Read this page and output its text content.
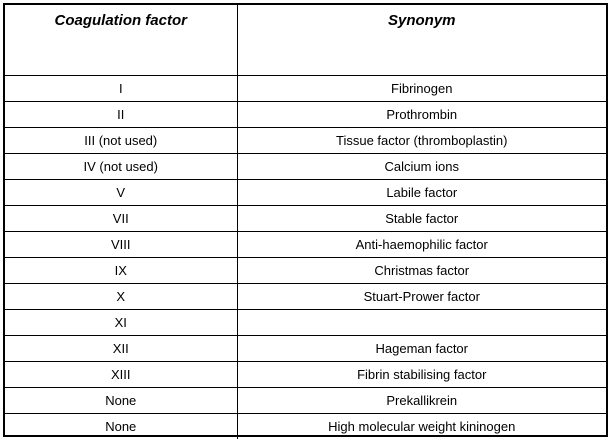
Coagulation factor	Synonym
I	Fibrinogen
II	Prothrombin
III (not used)	Tissue factor (thromboplastin)
IV (not used)	Calcium ions
V	Labile factor
VII	Stable factor
VIII	Anti-haemophilic factor
IX	Christmas factor
X	Stuart-Prower factor
XI	
XII	Hageman factor
XIII	Fibrin stabilising factor
None	Prekallikrein
None	High molecular weight kininogen
